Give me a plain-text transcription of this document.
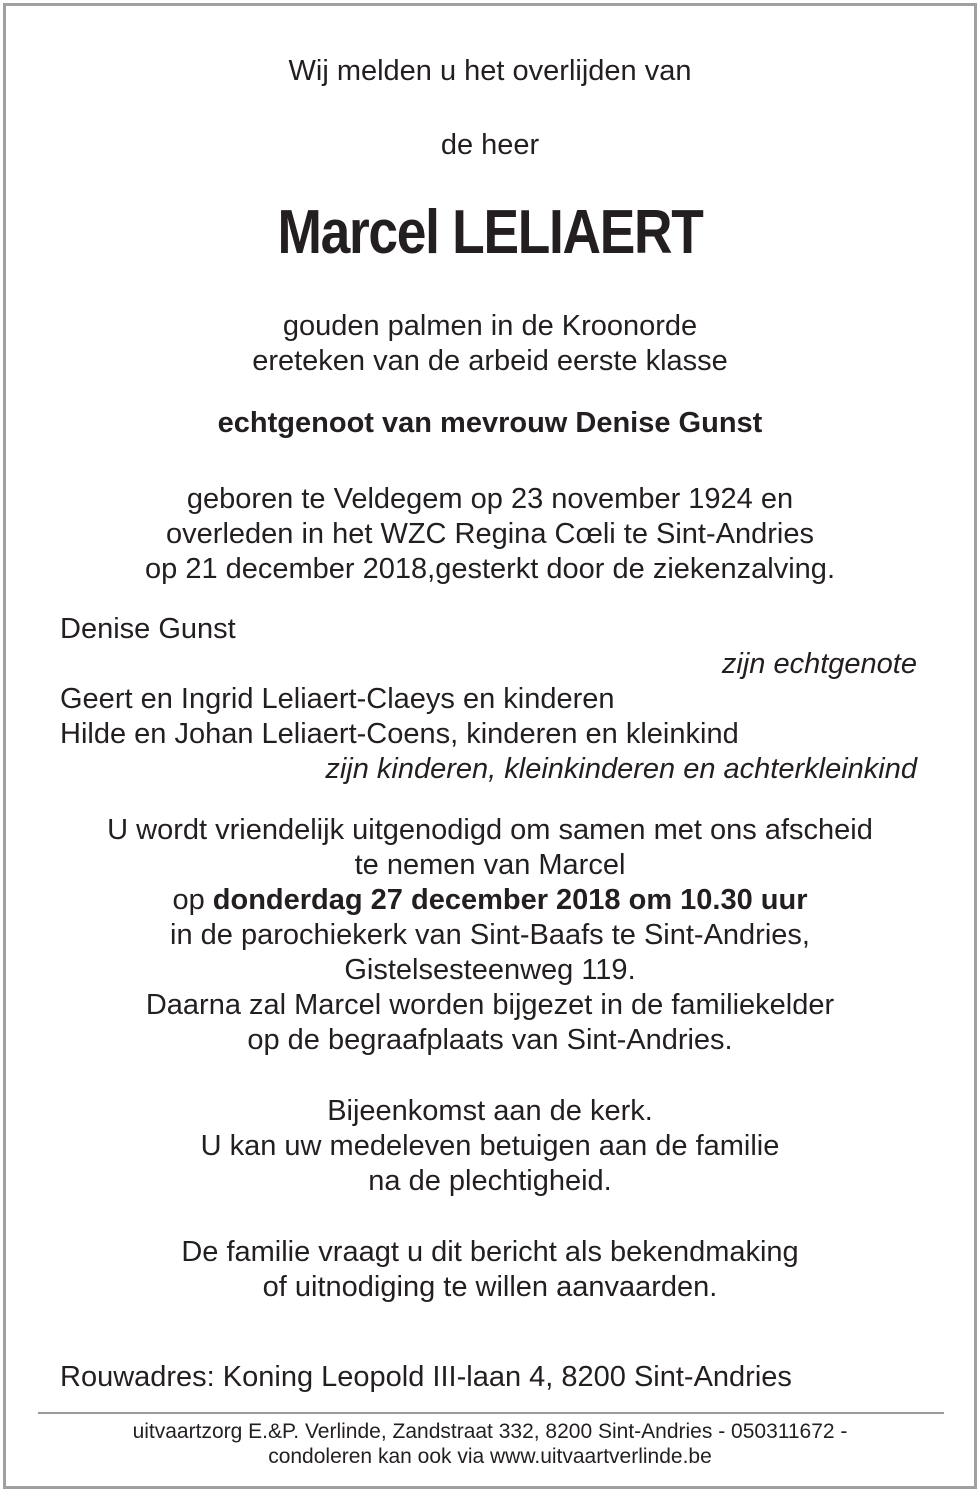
Wij melden u het overlijden van
de heer
Marcel LELIAERT
gouden palmen in de Kroonorde
ereteken van de arbeid eerste klasse
echtgenoot van mevrouw Denise Gunst
geboren te Veldegem op 23 november 1924 en
overleden in het WZC Regina Cœli te Sint-Andries
op 21 december 2018,gesterkt door de ziekenzalving.
Denise Gunst
zijn echtgenote
Geert en Ingrid Leliaert-Claeys en kinderen
Hilde en Johan Leliaert-Coens, kinderen en kleinkind
zijn kinderen, kleinkinderen en achterkleinkind
U wordt vriendelijk uitgenodigd om samen met ons afscheid
te nemen van Marcel
op donderdag 27 december 2018 om 10.30 uur
in de parochiekerk van Sint-Baafs te Sint-Andries,
Gistelsesteenweg 119.
Daarna zal Marcel worden bijgezet in de familiekelder
op de begraafplaats van Sint-Andries.
Bijeenkomst aan de kerk.
U kan uw medeleven betuigen aan de familie
na de plechtigheid.
De familie vraagt u dit bericht als bekendmaking
of uitnodiging te willen aanvaarden.
Rouwadres: Koning Leopold III-laan 4, 8200 Sint-Andries
uitvaartzorg E.&P. Verlinde, Zandstraat 332, 8200 Sint-Andries - 050311672 -
condoleren kan ook via www.uitvaartverlinde.be
